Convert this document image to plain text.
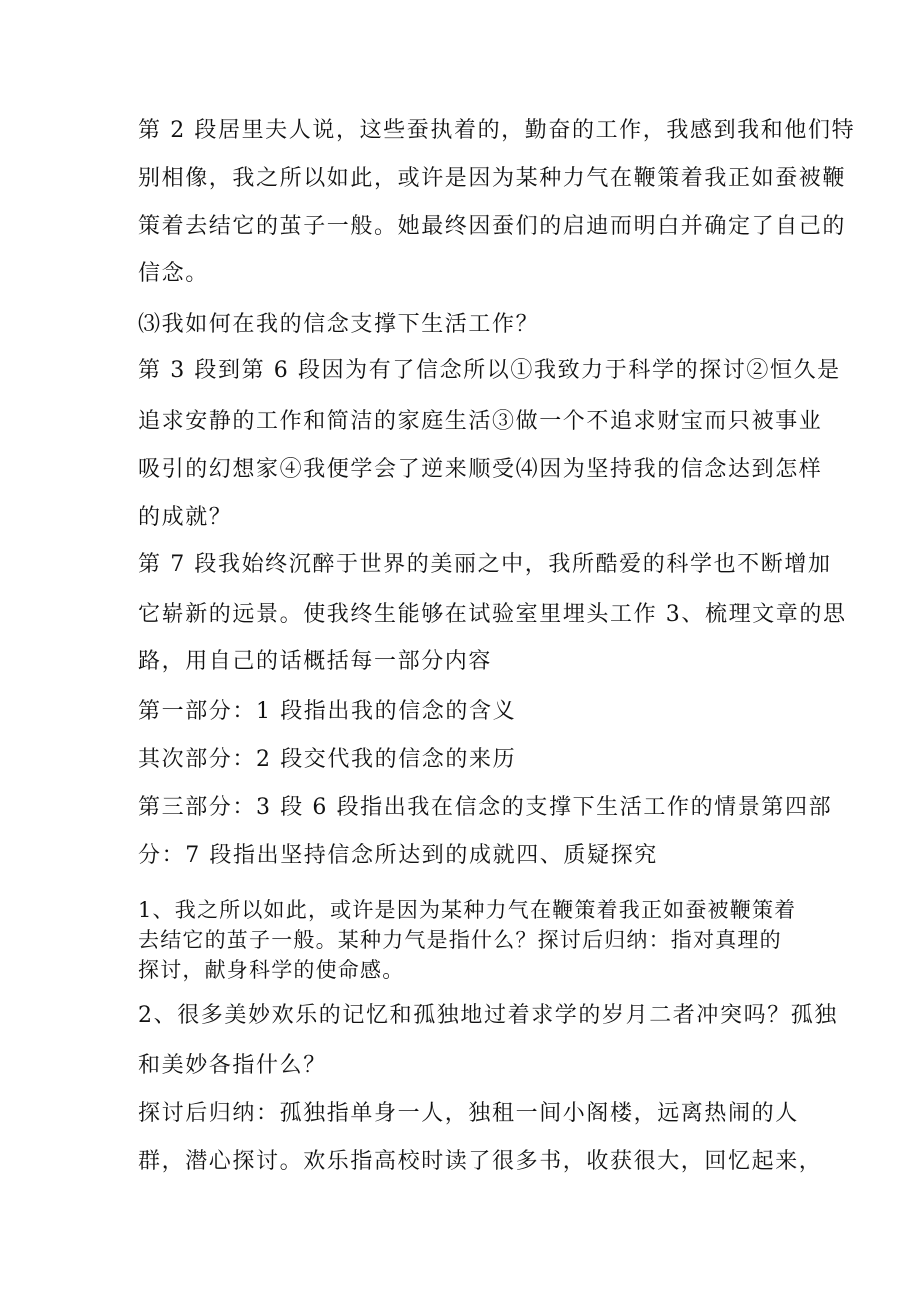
第 2 段居里夫人说，这些蚕执着的，勤奋的工作，我感到我和他们特
别相像，我之所以如此，或许是因为某种力气在鞭策着我正如蚕被鞭
策着去结它的茧子一般。她最终因蚕们的启迪而明白并确定了自己的
信念。
⑶我如何在我的信念支撑下生活工作？
第 3 段到第 6 段因为有了信念所以①我致力于科学的探讨②恒久是
追求安静的工作和简洁的家庭生活③做一个不追求财宝而只被事业
吸引的幻想家④我便学会了逆来顺受⑷因为坚持我的信念达到怎样
的成就？
第 7 段我始终沉醉于世界的美丽之中，我所酷爱的科学也不断增加
它崭新的远景。使我终生能够在试验室里埋头工作 3、梳理文章的思
路，用自己的话概括每一部分内容
第一部分：1 段指出我的信念的含义
其次部分：2 段交代我的信念的来历
第三部分：3 段 6 段指出我在信念的支撑下生活工作的情景第四部
分：7 段指出坚持信念所达到的成就四、质疑探究
1、我之所以如此，或许是因为某种力气在鞭策着我正如蚕被鞭策着
去结它的茧子一般。某种力气是指什么？探讨后归纳：指对真理的
探讨，献身科学的使命感。
2、很多美妙欢乐的记忆和孤独地过着求学的岁月二者冲突吗？孤独
和美妙各指什么？
探讨后归纳：孤独指单身一人，独租一间小阁楼，远离热闹的人
群，潜心探讨。欢乐指高校时读了很多书，收获很大，回忆起来，
